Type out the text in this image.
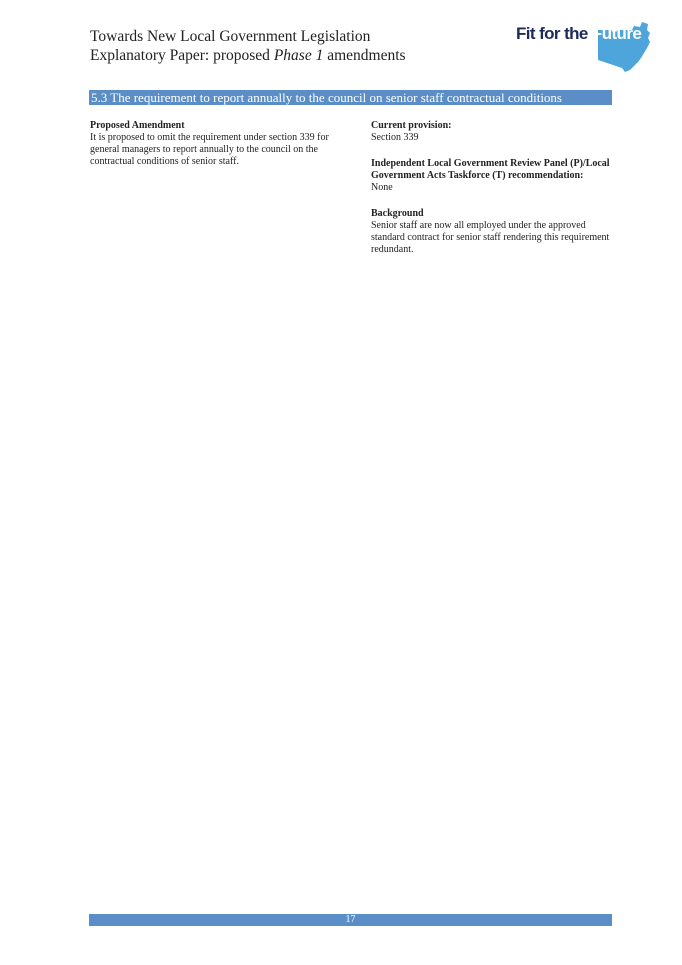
Towards New Local Government Legislation
Explanatory Paper: proposed Phase 1 amendments
Fit for the Future
5.3 The requirement to report annually to the council on senior staff contractual conditions
Proposed Amendment
It is proposed to omit the requirement under section 339 for general managers to report annually to the council on the contractual conditions of senior staff.
Current provision:
Section 339
Independent Local Government Review Panel (P)/Local Government Acts Taskforce (T) recommendation:
None
Background
Senior staff are now all employed under the approved standard contract for senior staff rendering this requirement redundant.
17
